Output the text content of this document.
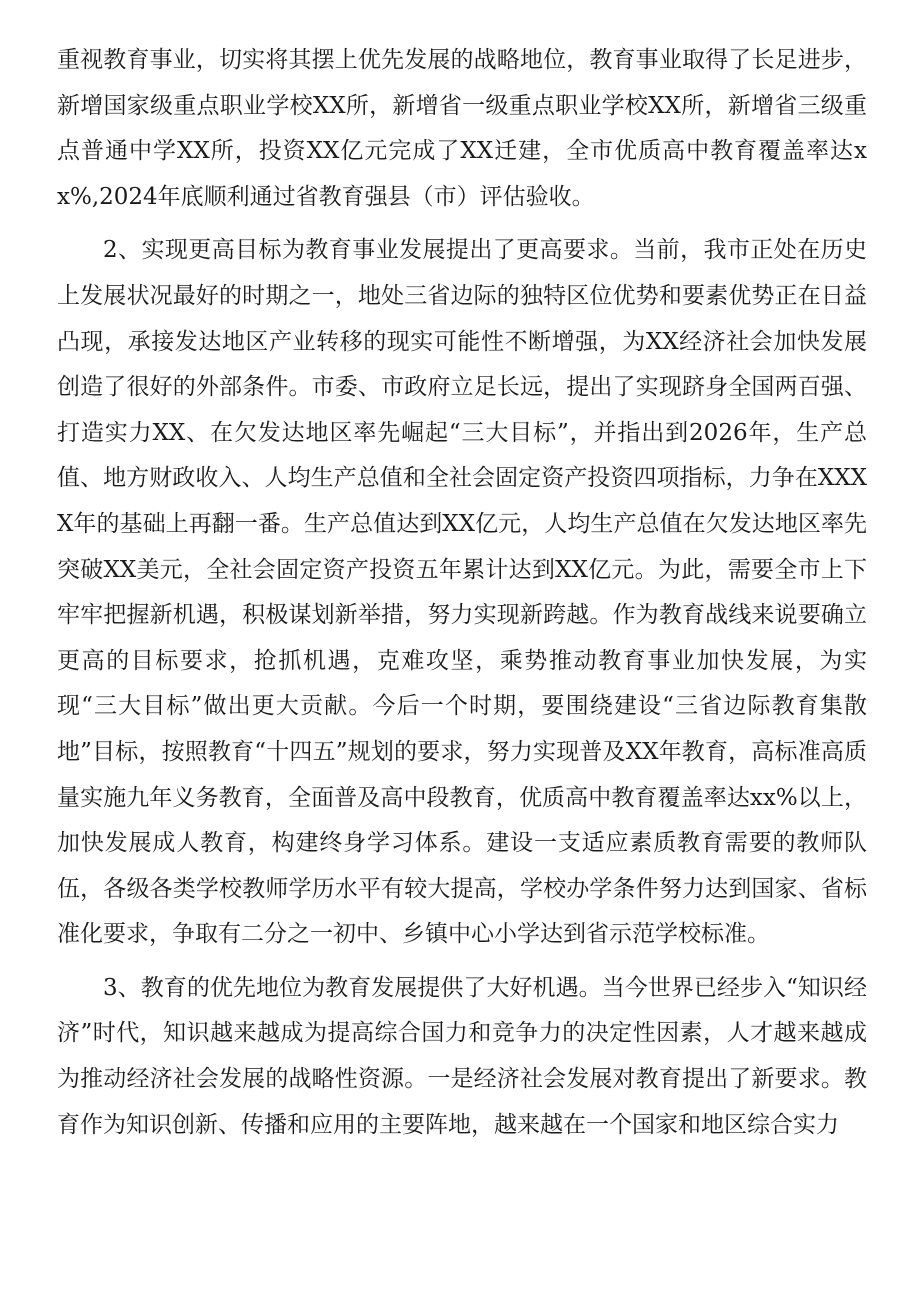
重视教育事业，切实将其摆上优先发展的战略地位，教育事业取得了长足进步，新增国家级重点职业学校XX所，新增省一级重点职业学校XX所，新增省三级重点普通中学XX所，投资XX亿元完成了XX迁建，全市优质高中教育覆盖率达xx%,2024年底顺利通过省教育强县（市）评估验收。

2、实现更高目标为教育事业发展提出了更高要求。当前，我市正处在历史上发展状况最好的时期之一，地处三省边际的独特区位优势和要素优势正在日益凸现，承接发达地区产业转移的现实可能性不断增强，为XX经济社会加快发展创造了很好的外部条件。市委、市政府立足长远，提出了实现跻身全国两百强、打造实力XX、在欠发达地区率先崛起“三大目标”，并指出到2026年，生产总值、地方财政收入、人均生产总值和全社会固定资产投资四项指标，力争在XXXX年的基础上再翻一番。生产总值达到XX亿元，人均生产总值在欠发达地区率先突破XX美元，全社会固定资产投资五年累计达到XX亿元。为此，需要全市上下牢牢把握新机遇，积极谋划新举措，努力实现新跨越。作为教育战线来说要确立更高的目标要求，抢抓机遇，克难攻坚，乘势推动教育事业加快发展，为实现“三大目标”做出更大贡献。今后一个时期，要围绕建设“三省边际教育集散地”目标，按照教育“十四五”规划的要求，努力实现普及XX年教育，高标准高质量实施九年义务教育，全面普及高中段教育，优质高中教育覆盖率达xx%以上，加快发展成人教育，构建终身学习体系。建设一支适应素质教育需要的教师队伍，各级各类学校教师学历水平有较大提高，学校办学条件努力达到国家、省标准化要求，争取有二分之一初中、乡镇中心小学达到省示范学校标准。

3、教育的优先地位为教育发展提供了大好机遇。当今世界已经步入“知识经济”时代，知识越来越成为提高综合国力和竞争力的决定性因素，人才越来越成为推动经济社会发展的战略性资源。一是经济社会发展对教育提出了新要求。教育作为知识创新、传播和应用的主要阵地，越来越在一个国家和地区综合实力
